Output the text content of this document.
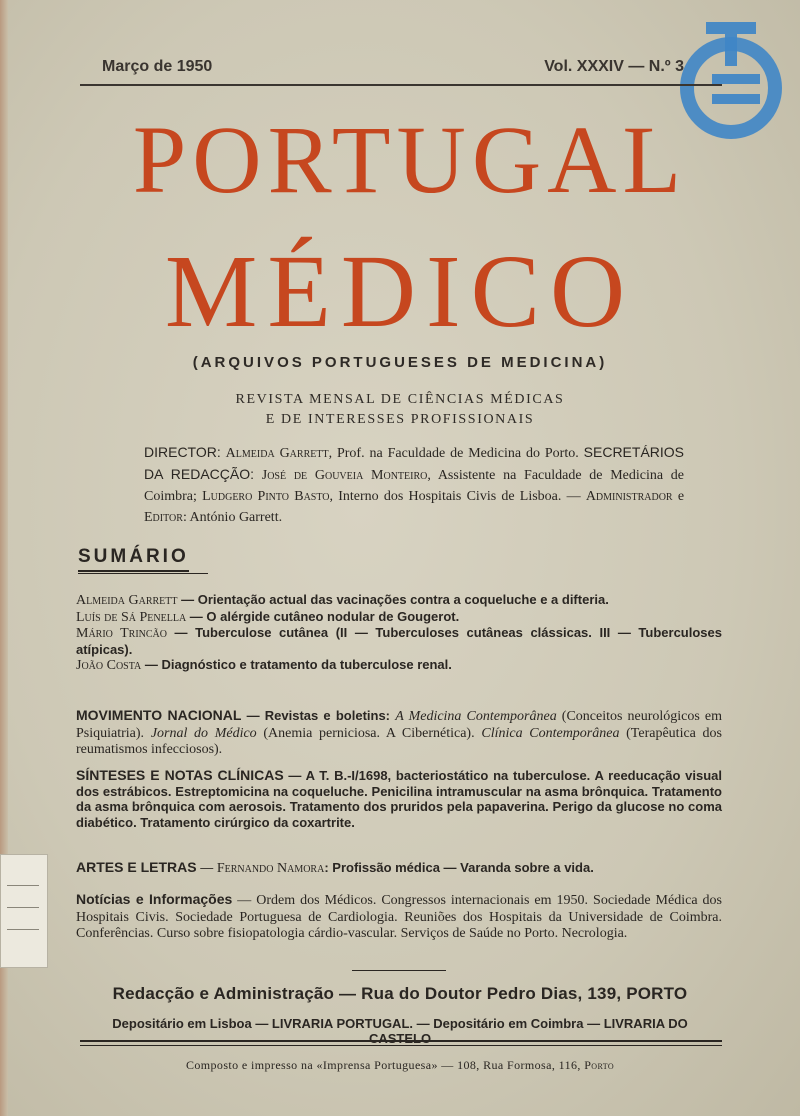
Março de 1950	Vol. XXXIV — N.º 3
PORTUGAL
MÉDICO
(ARQUIVOS PORTUGUESES DE MEDICINA)
REVISTA MENSAL DE CIÊNCIAS MÉDICAS
E DE INTERESSES PROFISSIONAIS
DIRECTOR: Almeida Garrett, Prof. na Faculdade de Medicina do Porto. SECRETÁRIOS DA REDACÇÃO: José de Gouveia Monteiro, Assistente na Faculdade de Medicina de Coimbra; Ludgero Pinto Basto, Interno dos Hospitais Civis de Lisboa. — Administrador e Editor: António Garrett.
SUMÁRIO
Almeida Garrett — Orientação actual das vacinações contra a coqueluche e a difteria.
Luís de Sá Penella — O alérgide cutâneo nodular de Gougerot.
Mário Trincão — Tuberculose cutânea (II — Tuberculoses cutâneas clássicas. III — Tuberculoses atípicas).
João Costa — Diagnóstico e tratamento da tuberculose renal.
MOVIMENTO NACIONAL — Revistas e boletins: A Medicina Contemporânea (Conceitos neurológicos em Psiquiatria). Jornal do Médico (Anemia perniciosa. A Cibernética). Clínica Contemporânea (Terapêutica dos reumatismos infecciosos).
SÍNTESES E NOTAS CLÍNICAS — A T. B.-I/1698, bacteriostático na tuberculose. A reeducação visual dos estrábicos. Estreptomicina na coqueluche. Penicilina intramuscular na asma brônquica. Tratamento da asma brônquica com aerosois. Tratamento dos pruridos pela papaverina. Perigo da glucose no coma diabético. Tratamento cirúrgico da coxartrite.
ARTES E LETRAS — Fernando Namora: Profissão médica — Varanda sobre a vida.
Notícias e Informações — Ordem dos Médicos. Congressos internacionais em 1950. Sociedade Médica dos Hospitais Civis. Sociedade Portuguesa de Cardiologia. Reuniões dos Hospitais da Universidade de Coimbra. Conferências. Curso sobre fisiopatologia cárdio-vascular. Serviços de Saúde no Porto. Necrologia.
Redacção e Administração — Rua do Doutor Pedro Dias, 139, PORTO
Depositário em Lisboa — LIVRARIA PORTUGAL. — Depositário em Coimbra — LIVRARIA DO CASTELO
Composto e impresso na «Imprensa Portuguesa» — 108, Rua Formosa, 116, Porto
